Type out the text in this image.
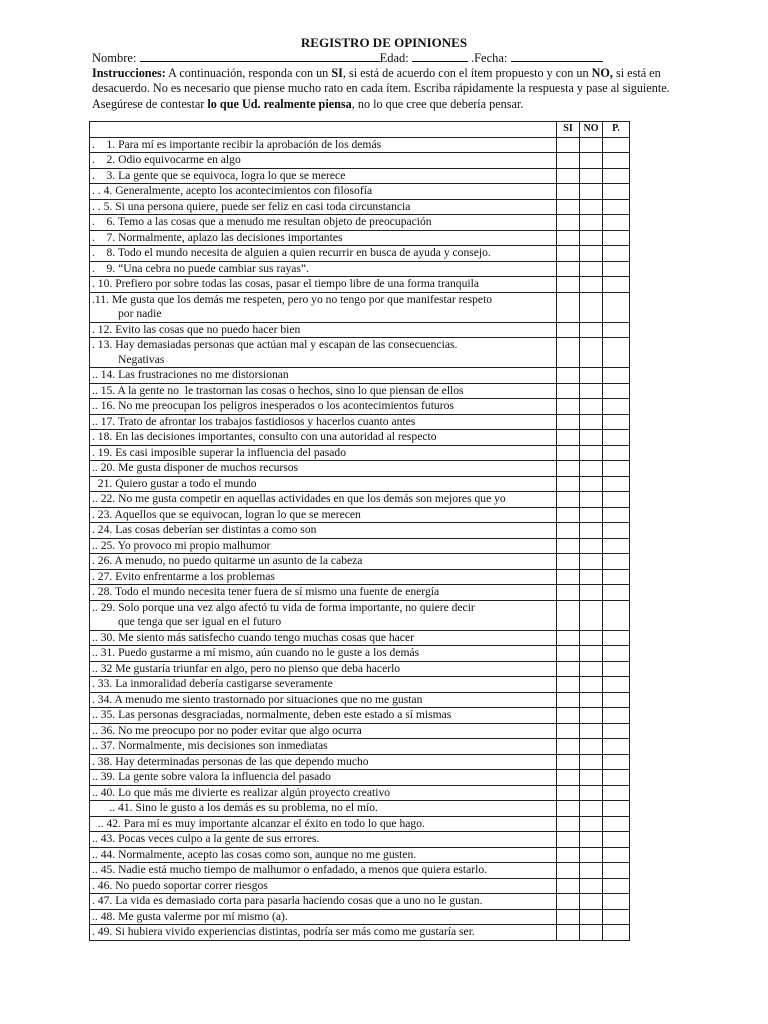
REGISTRO DE OPINIONES
Nombre:	Edad:	.Fecha:
Instrucciones: A continuación, responda con un SI, si está de acuerdo con el ítem propuesto y con un NO, si está en desacuerdo. No es necesario que piense mucho rato en cada ítem. Escriba rápidamente la respuesta y pase al siguiente. Asegúrese de contestar lo que Ud. realmente piensa, no lo que cree que debería pensar.
	SI	NO	P.
.    1. Para mí es importante recibir la aprobación de los demás			
.    2. Odio equivocarme en algo			
.    3. La gente que se equivoca, logra lo que se merece			
. . 4. Generalmente, acepto los acontecimientos con filosofía			
. . 5. Si una persona quiere, puede ser feliz en casi toda circunstancia			
.    6. Temo a las cosas que a menudo me resultan objeto de preocupación			
.    7. Normalmente, aplazo las decisiones importantes			
.    8. Todo el mundo necesita de alguien a quien recurrir en busca de ayuda y consejo.			
.    9. “Una cebra no puede cambiar sus rayas”.			
. 10. Prefiero por sobre todas las cosas, pasar el tiempo libre de una forma tranquila			
.11. Me gusta que los demás me respeten, pero yo no tengo por que manifestar respeto
por nadie			

. 12. Evito las cosas que no puedo hacer bien			
. 13. Hay demasiadas personas que actúan mal y escapan de las consecuencias.
Negativas			

.. 14. Las frustraciones no me distorsionan			
.. 15. A la gente no  le trastornan las cosas o hechos, sino lo que piensan de ellos			
.. 16. No me preocupan los peligros inesperados o los acontecimientos futuros			
.. 17. Trato de afrontar los trabajos fastidiosos y hacerlos cuanto antes			
. 18. En las decisiones importantes, consulto con una autoridad al respecto			
. 19. Es casi imposible superar la influencia del pasado			
.. 20. Me gusta disponer de muchos recursos			
21. Quiero gustar a todo el mundo			
.. 22. No me gusta competir en aquellas actividades en que los demás son mejores que yo			
. 23. Aquellos que se equivocan, logran lo que se merecen			
. 24. Las cosas deberían ser distintas a como son			
.. 25. Yo provoco mi propio malhumor			
. 26. A menudo, no puedo quitarme un asunto de la cabeza			
. 27. Evito enfrentarme a los problemas			
. 28. Todo el mundo necesita tener fuera de sí mismo una fuente de energía			
.. 29. Solo porque una vez algo afectó tu vida de forma importante, no quiere decir
que tenga que ser igual en el futuro			

.. 30. Me siento más satisfecho cuando tengo muchas cosas que hacer			
.. 31. Puedo gustarme a mí mismo, aún cuando no le guste a los demás			
.. 32 Me gustaría triunfar en algo, pero no pienso que deba hacerlo			
. 33. La inmoralidad debería castigarse severamente			
. 34. A menudo me siento trastornado por situaciones que no me gustan			
.. 35. Las personas desgraciadas, normalmente, deben este estado a sí mismas			
.. 36. No me preocupo por no poder evitar que algo ocurra			
.. 37. Normalmente, mis decisiones son inmediatas			
. 38. Hay determinadas personas de las que dependo mucho			
.. 39. La gente sobre valora la influencia del pasado			
.. 40. Lo que más me divierte es realizar algún proyecto creativo			
.. 41. Sino le gusto a los demás es su problema, no el mío.			
.. 42. Para mí es muy importante alcanzar el éxito en todo lo que hago.			
.. 43. Pocas veces culpo a la gente de sus errores.			
.. 44. Normalmente, acepto las cosas como son, aunque no me gusten.			
.. 45. Nadie está mucho tiempo de malhumor o enfadado, a menos que quiera estarlo.			
. 46. No puedo soportar correr riesgos			
. 47. La vida es demasiado corta para pasarla haciendo cosas que a uno no le gustan.			
.. 48. Me gusta valerme por mí mismo (a).			
. 49. Si hubiera vivido experiencias distintas, podría ser más como me gustaría ser.			
